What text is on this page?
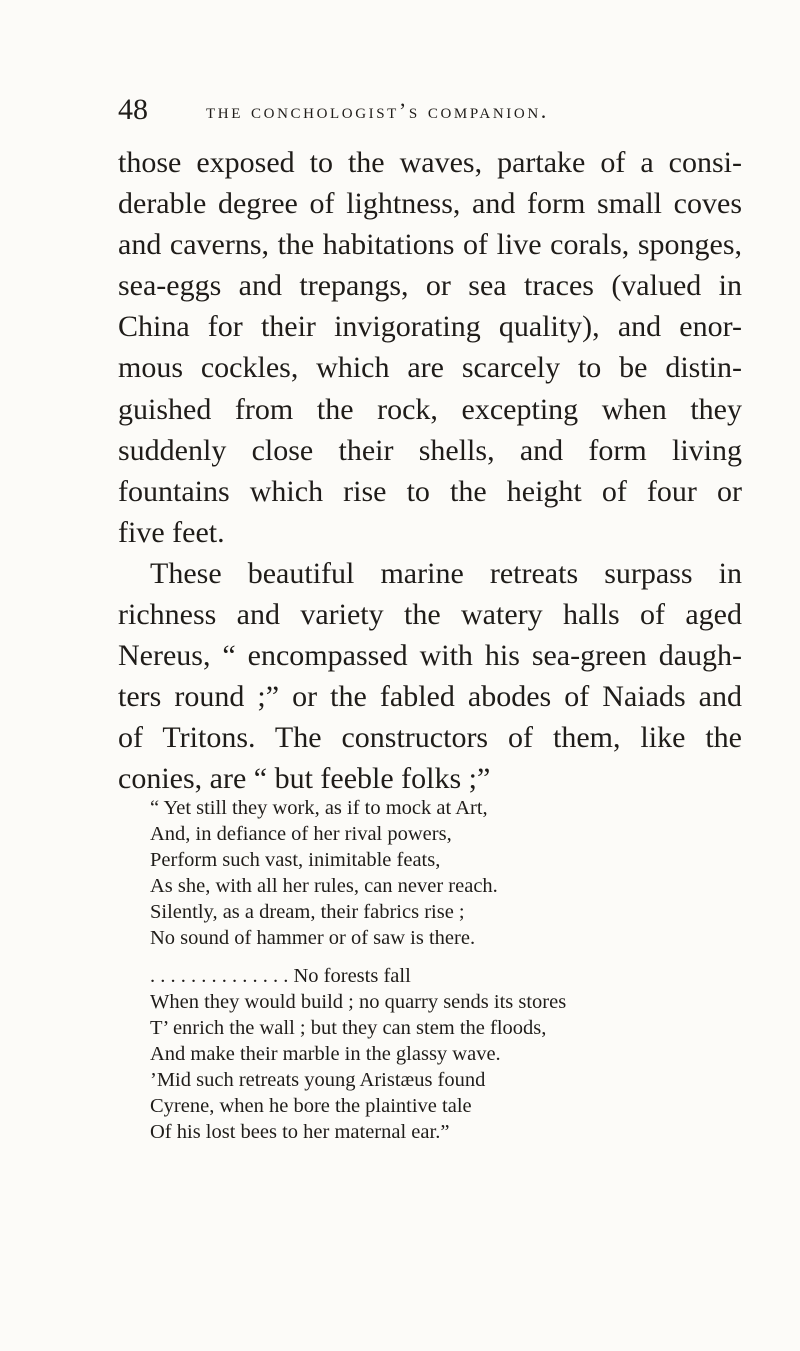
48	the conchologist’s companion.
those exposed to the waves, partake of a consi-
derable degree of lightness, and form small coves
and caverns, the habitations of live corals, sponges,
sea-eggs and trepangs, or sea traces (valued in
China for their invigorating quality), and enor-
mous cockles, which are scarcely to be distin-
guished from the rock, excepting when they
suddenly close their shells, and form living
fountains which rise to the height of four or
five feet.
These beautiful marine retreats surpass in
richness and variety the watery halls of aged
Nereus, “ encompassed with his sea-green daugh-
ters round ;” or the fabled abodes of Naiads and
of Tritons. The constructors of them, like the
conies, are “ but feeble folks ;”
“ Yet still they work, as if to mock at Art,
And, in defiance of her rival powers,
Perform such vast, inimitable feats,
As she, with all her rules, can never reach.
Silently, as a dream, their fabrics rise ;
No sound of hammer or of saw is there.
. . . . . . . . . . . . . . No forests fall
When they would build ; no quarry sends its stores
T’ enrich the wall ; but they can stem the floods,
And make their marble in the glassy wave.
’Mid such retreats young Aristæus found
Cyrene, when he bore the plaintive tale
Of his lost bees to her maternal ear.”
